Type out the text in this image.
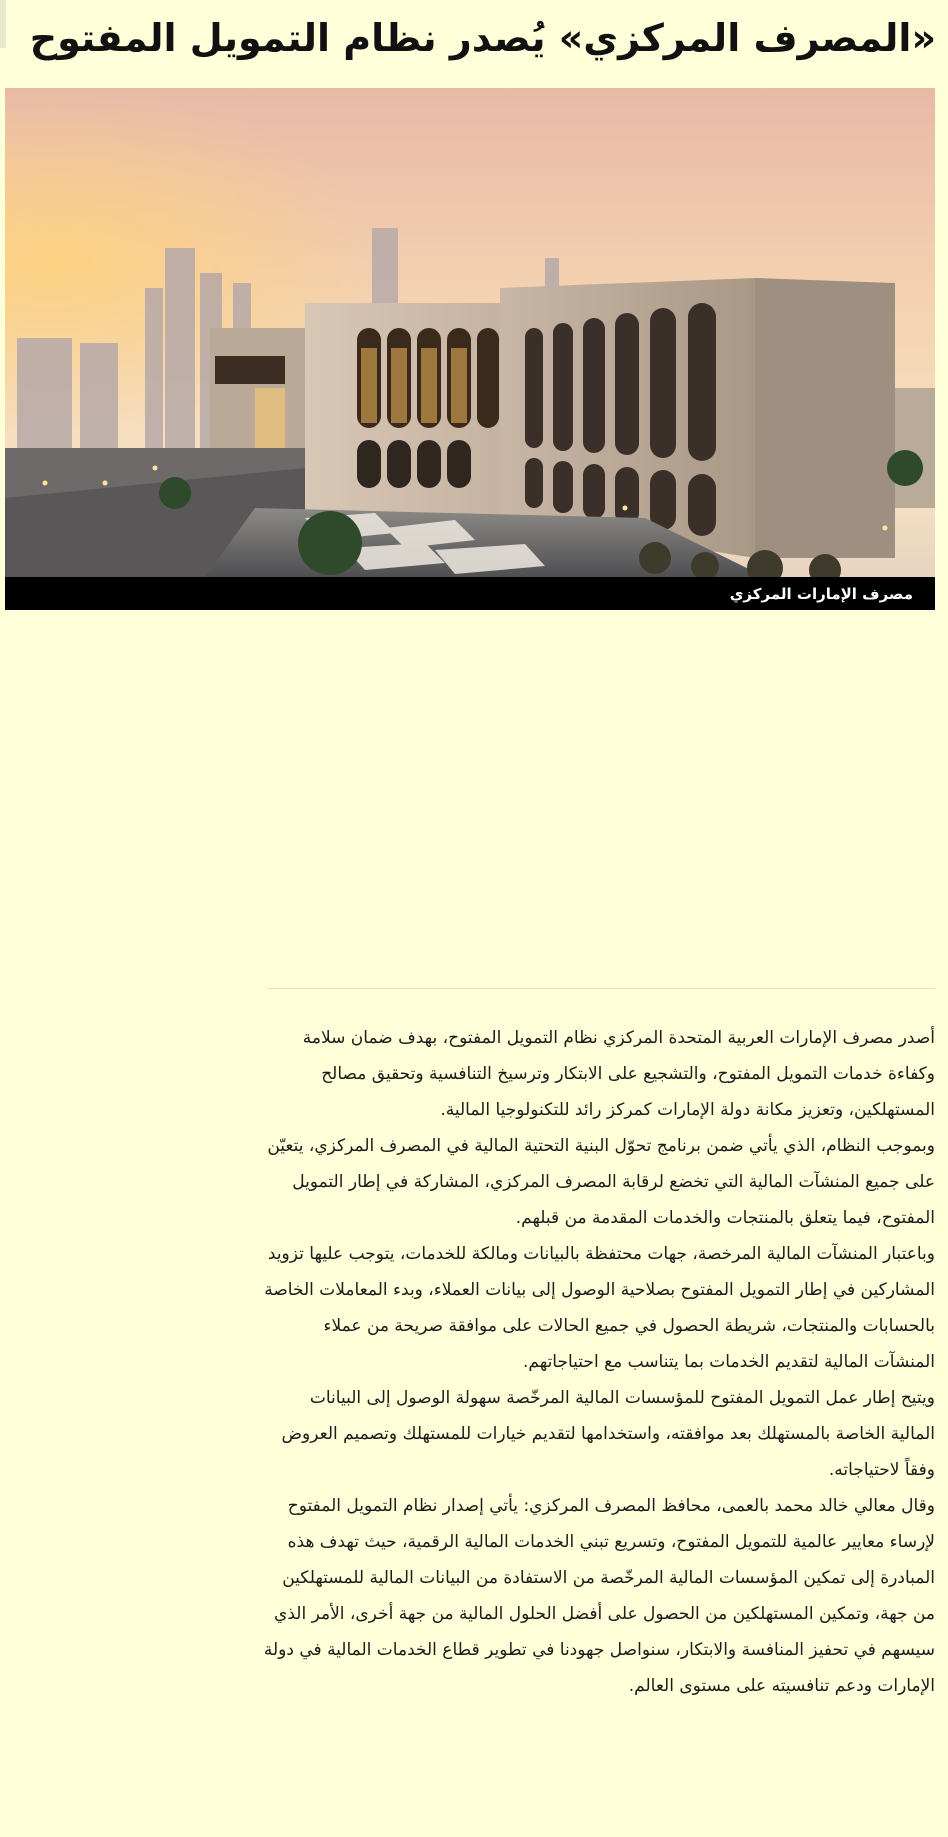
«المصرف المركزي» يُصدر نظام التمويل المفتوح
مصرف الإمارات المركزي

أصدر مصرف الإمارات العربية المتحدة المركزي نظام التمويل المفتوح، بهدف ضمان سلامة وكفاءة خدمات التمويل المفتوح، والتشجيع على الابتكار وترسيخ التنافسية وتحقيق مصالح المستهلكين، وتعزيز مكانة دولة الإمارات كمركز رائد للتكنولوجيا المالية.

وبموجب النظام، الذي يأتي ضمن برنامج تحوّل البنية التحتية المالية في المصرف المركزي، يتعيّن على جميع المنشآت المالية التي تخضع لرقابة المصرف المركزي، المشاركة في إطار التمويل المفتوح، فيما يتعلق بالمنتجات والخدمات المقدمة من قبلهم.

وباعتبار المنشآت المالية المرخصة، جهات محتفظة بالبيانات ومالكة للخدمات، يتوجب عليها تزويد المشاركين في إطار التمويل المفتوح بصلاحية الوصول إلى بيانات العملاء، وبدء المعاملات الخاصة بالحسابات والمنتجات، شريطة الحصول في جميع الحالات على موافقة صريحة من عملاء المنشآت المالية لتقديم الخدمات بما يتناسب مع احتياجاتهم.

ويتيح إطار عمل التمويل المفتوح للمؤسسات المالية المرخّصة سهولة الوصول إلى البيانات المالية الخاصة بالمستهلك بعد موافقته، واستخدامها لتقديم خيارات للمستهلك وتصميم العروض وفقاً لاحتياجاته.

وقال معالي خالد محمد بالعمى، محافظ المصرف المركزي: يأتي إصدار نظام التمويل المفتوح لإرساء معايير عالمية للتمويل المفتوح، وتسريع تبني الخدمات المالية الرقمية، حيث تهدف هذه المبادرة إلى تمكين المؤسسات المالية المرخّصة من الاستفادة من البيانات المالية للمستهلكين من جهة، وتمكين المستهلكين من الحصول على أفضل الحلول المالية من جهة أخرى، الأمر الذي سيسهم في تحفيز المنافسة والابتكار، سنواصل جهودنا في تطوير قطاع الخدمات المالية في دولة الإمارات ودعم تنافسيته على مستوى العالم.
